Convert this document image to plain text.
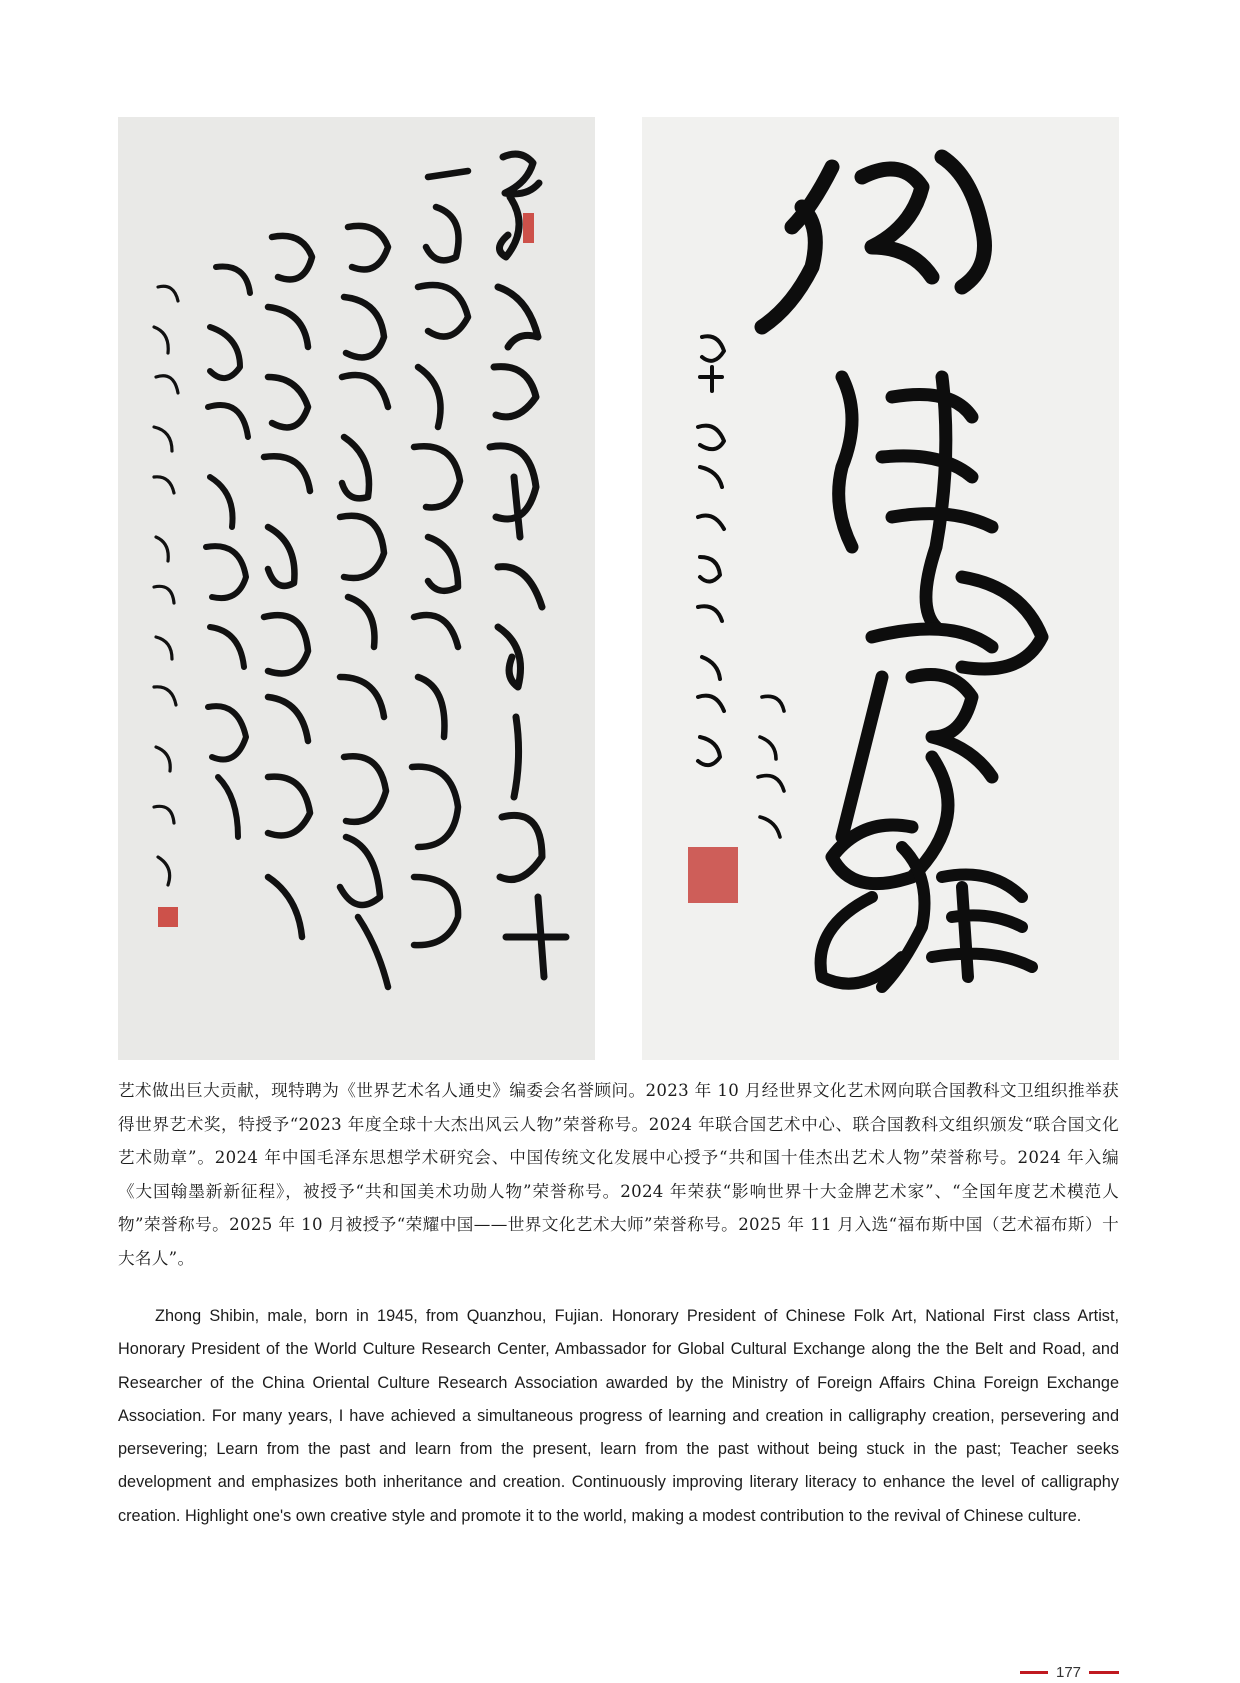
艺术做出巨大贡献，现特聘为《世界艺术名人通史》编委会名誉顾问。2023 年 10 月经世界文化艺术网向联合国教科文卫组织推举获得世界艺术奖，特授予“2023 年度全球十大杰出风云人物”荣誉称号。2024 年联合国艺术中心、联合国教科文组织颁发“联合国文化艺术勋章”。2024 年中国毛泽东思想学术研究会、中国传统文化发展中心授予“共和国十佳杰出艺术人物”荣誉称号。2024 年入编《大国翰墨新新征程》，被授予“共和国美术功勋人物”荣誉称号。2024 年荣获“影响世界十大金牌艺术家”、“全国年度艺术模范人物”荣誉称号。2025 年 10 月被授予“荣耀中国——世界文化艺术大师”荣誉称号。2025 年 11 月入选“福布斯中国（艺术福布斯）十大名人”。
Zhong Shibin, male, born in 1945, from Quanzhou, Fujian. Honorary President of Chinese Folk Art, National First class Artist, Honorary President of the World Culture Research Center, Ambassador for Global Cultural Exchange along the the Belt and Road, and Researcher of the China Oriental Culture Research Association awarded by the Ministry of Foreign Affairs China Foreign Exchange Association. For many years, I have achieved a simultaneous progress of learning and creation in calligraphy creation, persevering and persevering; Learn from the past and learn from the present, learn from the past without being stuck in the past; Teacher seeks development and emphasizes both inheritance and creation. Continuously improving literary literacy to enhance the level of calligraphy creation. Highlight one's own creative style and promote it to the world, making a modest contribution to the revival of Chinese culture.
177
